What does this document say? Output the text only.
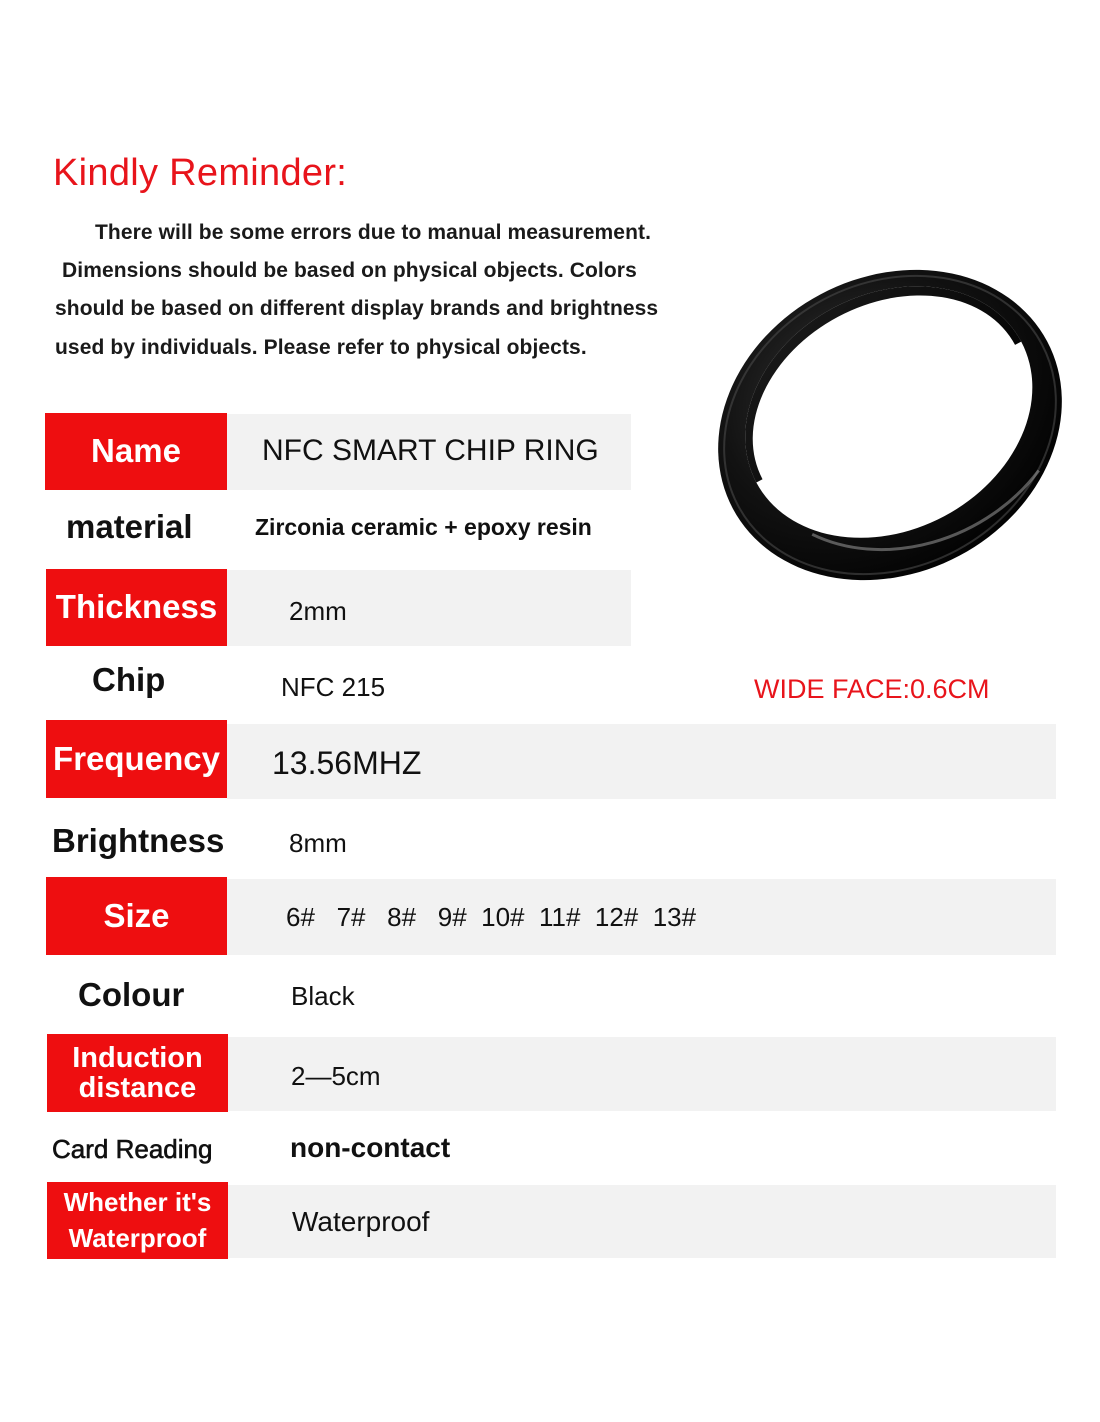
Kindly Reminder:
There will be some errors due to manual measurement.
Dimensions should be based on physical objects. Colors
should be based on different display brands and brightness
used by individuals. Please refer to physical objects.
WIDE FACE:0.6CM
Name
Thickness
Frequency
Size
Induction distance
Whether it's Waterproof
material
Chip
Brightness
Colour
Card Reading
NFC SMART CHIP RING
Zirconia ceramic + epoxy resin
2mm
NFC 215
13.56MHZ
8mm
6#   7#   8#   9#  10#  11#  12#  13#
Black
2—5cm
non-contact
Waterproof
